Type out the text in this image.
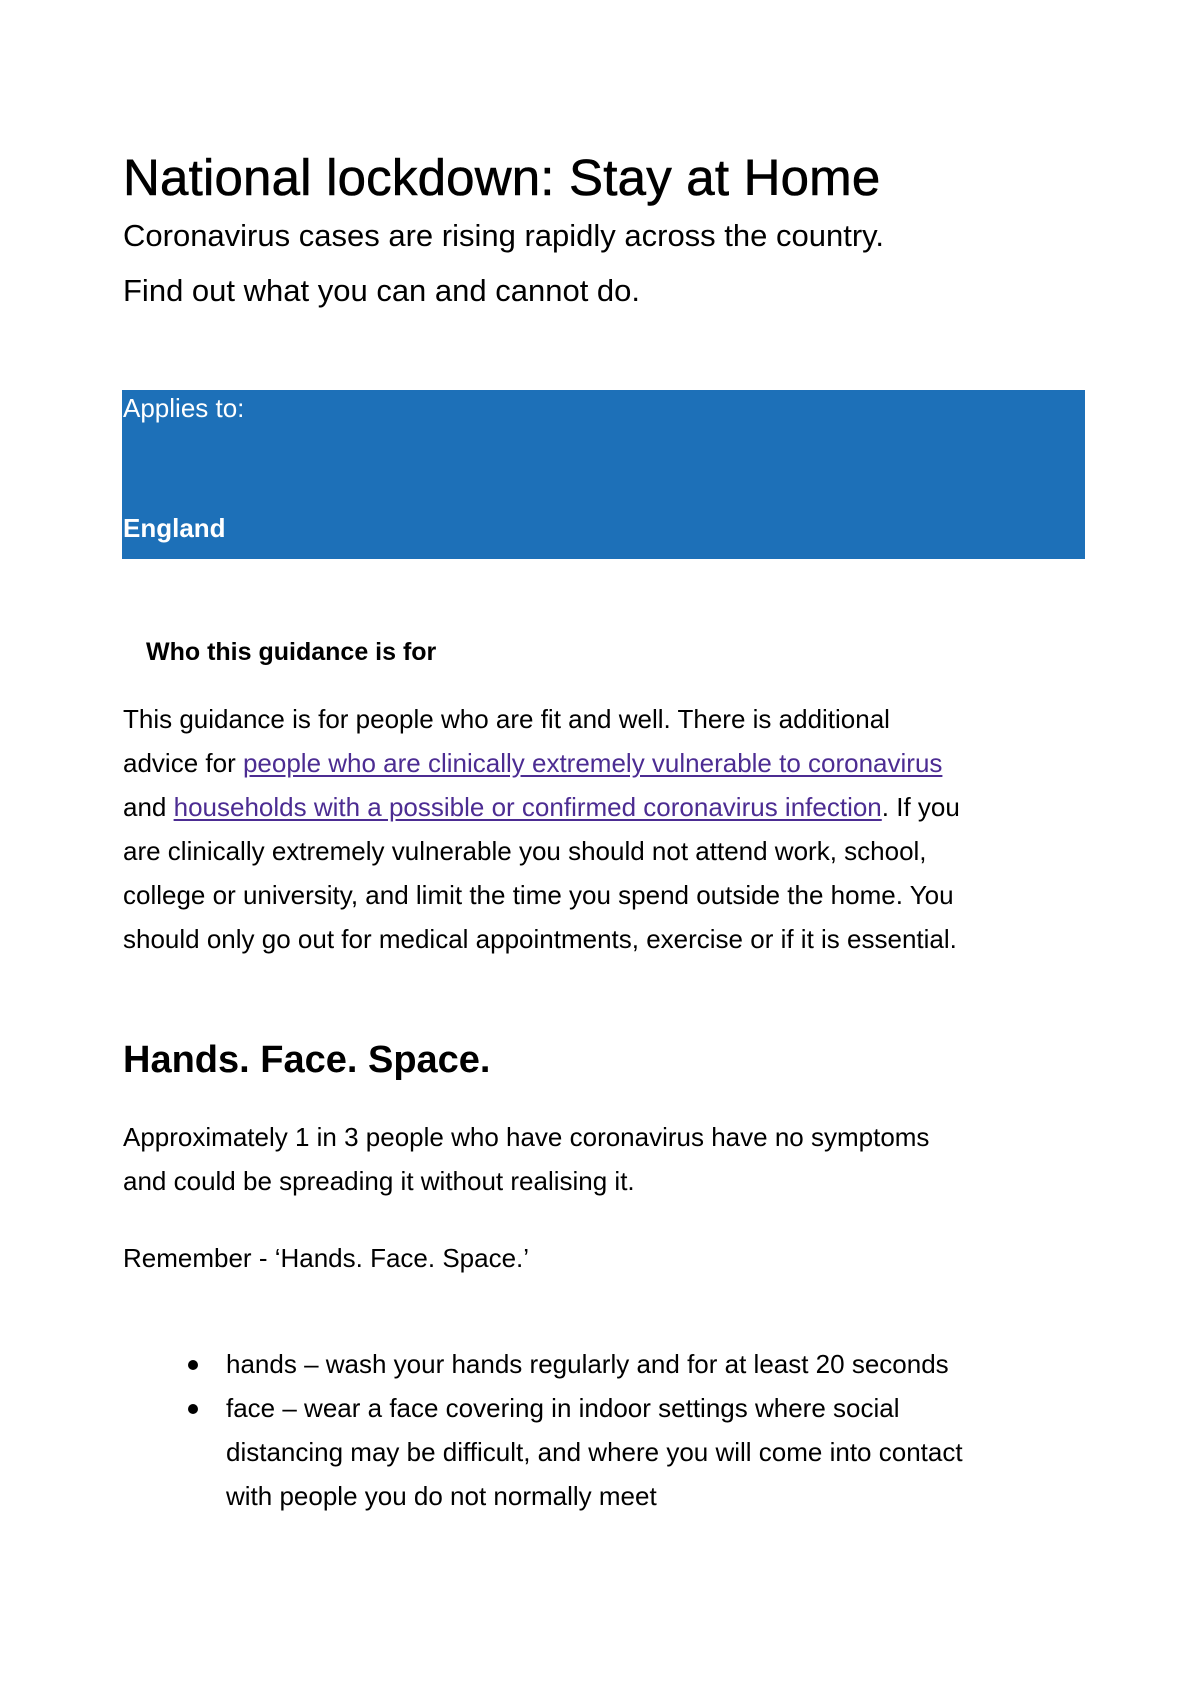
National lockdown: Stay at Home

Coronavirus cases are rising rapidly across the country.

Find out what you can and cannot do.

Applies to:
England
Who this guidance is for
This guidance is for people who are fit and well. There is additional
advice for people who are clinically extremely vulnerable to coronavirus
and households with a possible or confirmed coronavirus infection. If you
are clinically extremely vulnerable you should not attend work, school,
college or university, and limit the time you spend outside the home. You
should only go out for medical appointments, exercise or if it is essential.
Hands. Face. Space.
Approximately 1 in 3 people who have coronavirus have no symptoms
and could be spreading it without realising it.
Remember - ‘Hands. Face. Space.’
hands – wash your hands regularly and for at least 20 seconds
face – wear a face covering in indoor settings where social
distancing may be difficult, and where you will come into contact
with people you do not normally meet
